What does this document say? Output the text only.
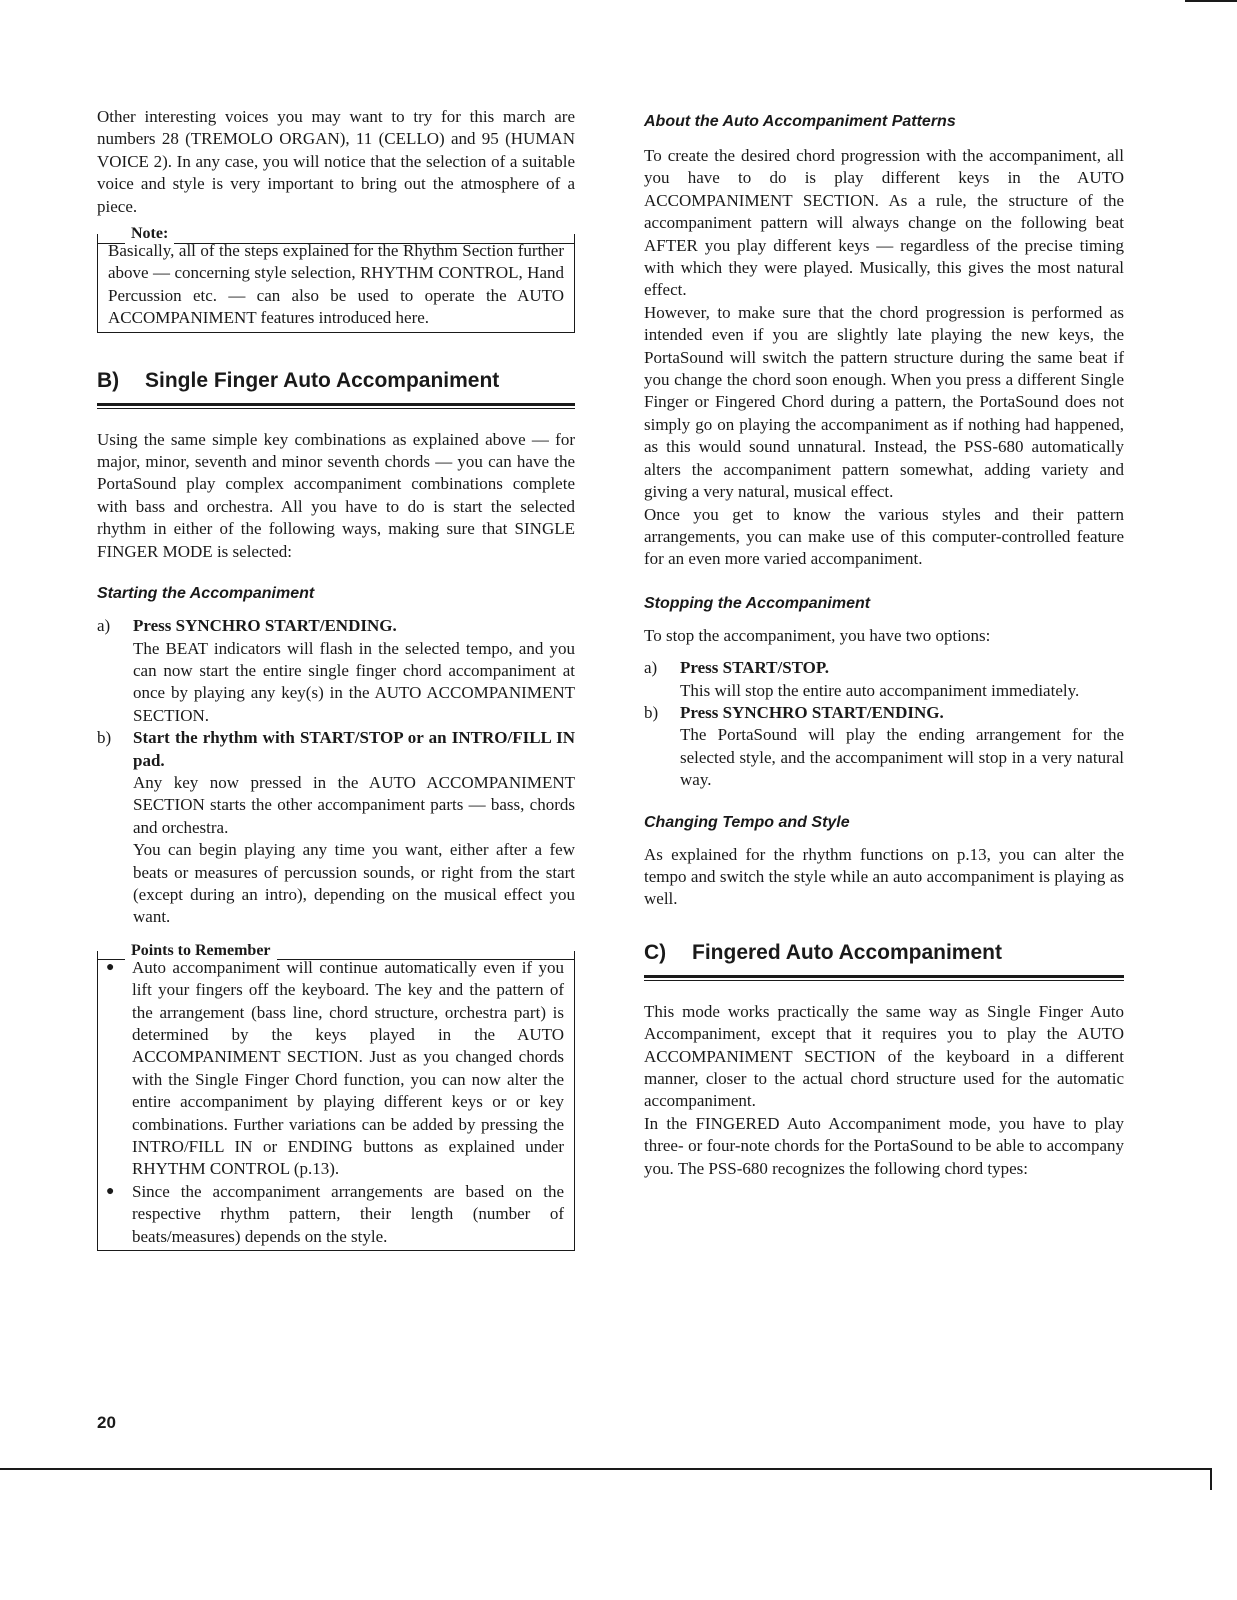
Other interesting voices you may want to try for this march are numbers 28 (TREMOLO ORGAN), 11 (CELLO) and 95 (HUMAN VOICE 2). In any case, you will notice that the selection of a suitable voice and style is very important to bring out the atmosphere of a piece.

Note:

Basically, all of the steps explained for the Rhythm Section further above — concerning style selection, RHYTHM CONTROL, Hand Percussion etc. — can also be used to operate the AUTO ACCOMPANIMENT features introduced here.

B)	Single Finger Auto Accompaniment

Using the same simple key combinations as explained above — for major, minor, seventh and minor seventh chords — you can have the PortaSound play complex accompaniment combinations complete with bass and orchestra. All you have to do is start the selected rhythm in either of the following ways, making sure that SINGLE FINGER MODE is selected:

Starting the Accompaniment
a)	Press SYNCHRO START/ENDING.
The BEAT indicators will flash in the selected tempo, and you can now start the entire single finger chord accompaniment at once by playing any key(s) in the AUTO ACCOMPANIMENT SECTION.
b)	Start the rhythm with START/STOP or an INTRO/FILL IN pad.
Any key now pressed in the AUTO ACCOMPANIMENT SECTION starts the other accompaniment parts — bass, chords and orchestra.
You can begin playing any time you want, either after a few beats or measures of percussion sounds, or right from the start (except during an intro), depending on the musical effect you want.
Points to Remember
●	Auto accompaniment will continue automatically even if you lift your fingers off the keyboard. The key and the pattern of the arrangement (bass line, chord structure, orchestra part) is determined by the keys played in the AUTO ACCOMPANIMENT SECTION. Just as you changed chords with the Single Finger Chord function, you can now alter the entire accompaniment by playing different keys or or key combinations. Further variations can be added by pressing the INTRO/FILL IN or ENDING buttons as explained under RHYTHM CONTROL (p.13).
●	Since the accompaniment arrangements are based on the respective rhythm pattern, their length (number of beats/measures) depends on the style.
About the Auto Accompaniment Patterns

To create the desired chord progression with the accompaniment, all you have to do is play different keys in the AUTO ACCOMPANIMENT SECTION. As a rule, the structure of the accompaniment pattern will always change on the following beat AFTER you play different keys — regardless of the precise timing with which they were played. Musically, this gives the most natural effect.

However, to make sure that the chord progression is performed as intended even if you are slightly late playing the new keys, the PortaSound will switch the pattern structure during the same beat if you change the chord soon enough. When you press a different Single Finger or Fingered Chord during a pattern, the PortaSound does not simply go on playing the accompaniment as if nothing had happened, as this would sound unnatural. Instead, the PSS-680 automatically alters the accompaniment pattern somewhat, adding variety and giving a very natural, musical effect.

Once you get to know the various styles and their pattern arrangements, you can make use of this computer-controlled feature for an even more varied accompaniment.

Stopping the Accompaniment

To stop the accompaniment, you have two options:

a)	Press START/STOP.
This will stop the entire auto accompaniment immediately.
b)	Press SYNCHRO START/ENDING.
The PortaSound will play the ending arrangement for the selected style, and the accompaniment will stop in a very natural way.
Changing Tempo and Style

As explained for the rhythm functions on p.13, you can alter the tempo and switch the style while an auto accompaniment is playing as well.

C)	Fingered Auto Accompaniment

This mode works practically the same way as Single Finger Auto Accompaniment, except that it requires you to play the AUTO ACCOMPANIMENT SECTION of the keyboard in a different manner, closer to the actual chord structure used for the automatic accompaniment.

In the FINGERED Auto Accompaniment mode, you have to play three- or four-note chords for the PortaSound to be able to accompany you. The PSS-680 recognizes the following chord types:

20
